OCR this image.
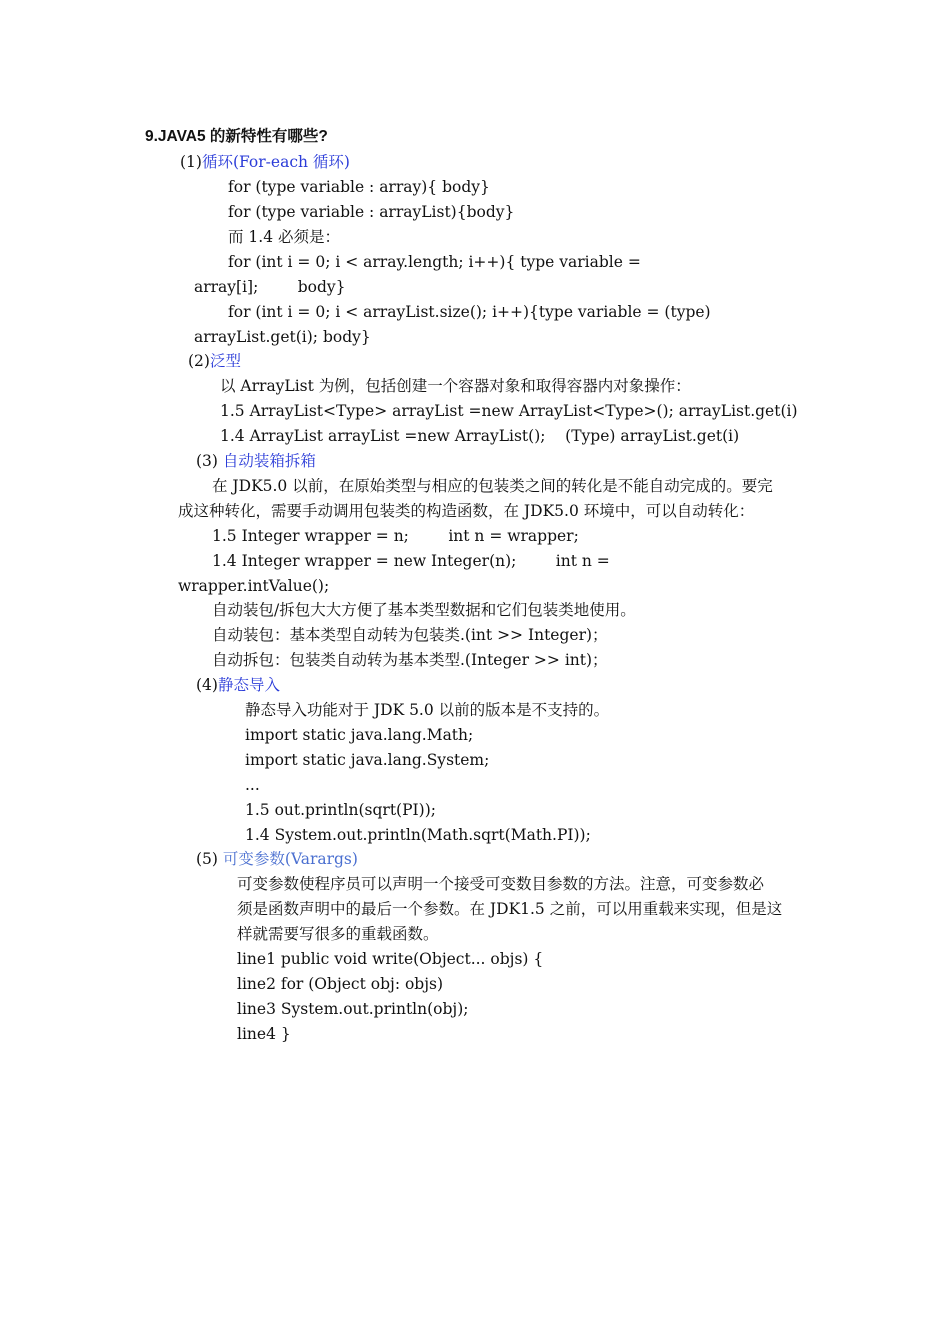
9.JAVA5 的新特性有哪些?
(1)循环(For-each 循环)
for (type variable : array){ body}
for (type variable : arrayList){body}
而 1.4 必须是：
for (int i = 0; i < array.length; i++){ type variable =
array[i];        body}
for (int i = 0; i < arrayList.size(); i++){type variable = (type)
arrayList.get(i); body}
(2)泛型
以 ArrayList 为例，包括创建一个容器对象和取得容器内对象操作：
1.5 ArrayList<Type> arrayList =new ArrayList<Type>(); arrayList.get(i)
1.4 ArrayList arrayList =new ArrayList();    (Type) arrayList.get(i)
(3) 自动装箱拆箱
在 JDK5.0 以前，在原始类型与相应的包装类之间的转化是不能自动完成的。要完
成这种转化，需要手动调用包装类的构造函数，在 JDK5.0 环境中，可以自动转化：
1.5 Integer wrapper = n;        int n = wrapper;
1.4 Integer wrapper = new Integer(n);        int n =
wrapper.intValue();
自动装包/拆包大大方便了基本类型数据和它们包装类地使用。
自动装包：基本类型自动转为包装类.(int >> Integer)；
自动拆包：包装类自动转为基本类型.(Integer >> int)；
(4)静态导入
静态导入功能对于 JDK 5.0 以前的版本是不支持的。
import static java.lang.Math;
import static java.lang.System;
...
1.5 out.println(sqrt(PI));
1.4 System.out.println(Math.sqrt(Math.PI));
(5) 可变参数(Varargs)
可变参数使程序员可以声明一个接受可变数目参数的方法。注意，可变参数必
须是函数声明中的最后一个参数。在 JDK1.5 之前，可以用重载来实现，但是这
样就需要写很多的重载函数。
line1 public void write(Object... objs) {
line2 for (Object obj: objs)
line3 System.out.println(obj);
line4 }
